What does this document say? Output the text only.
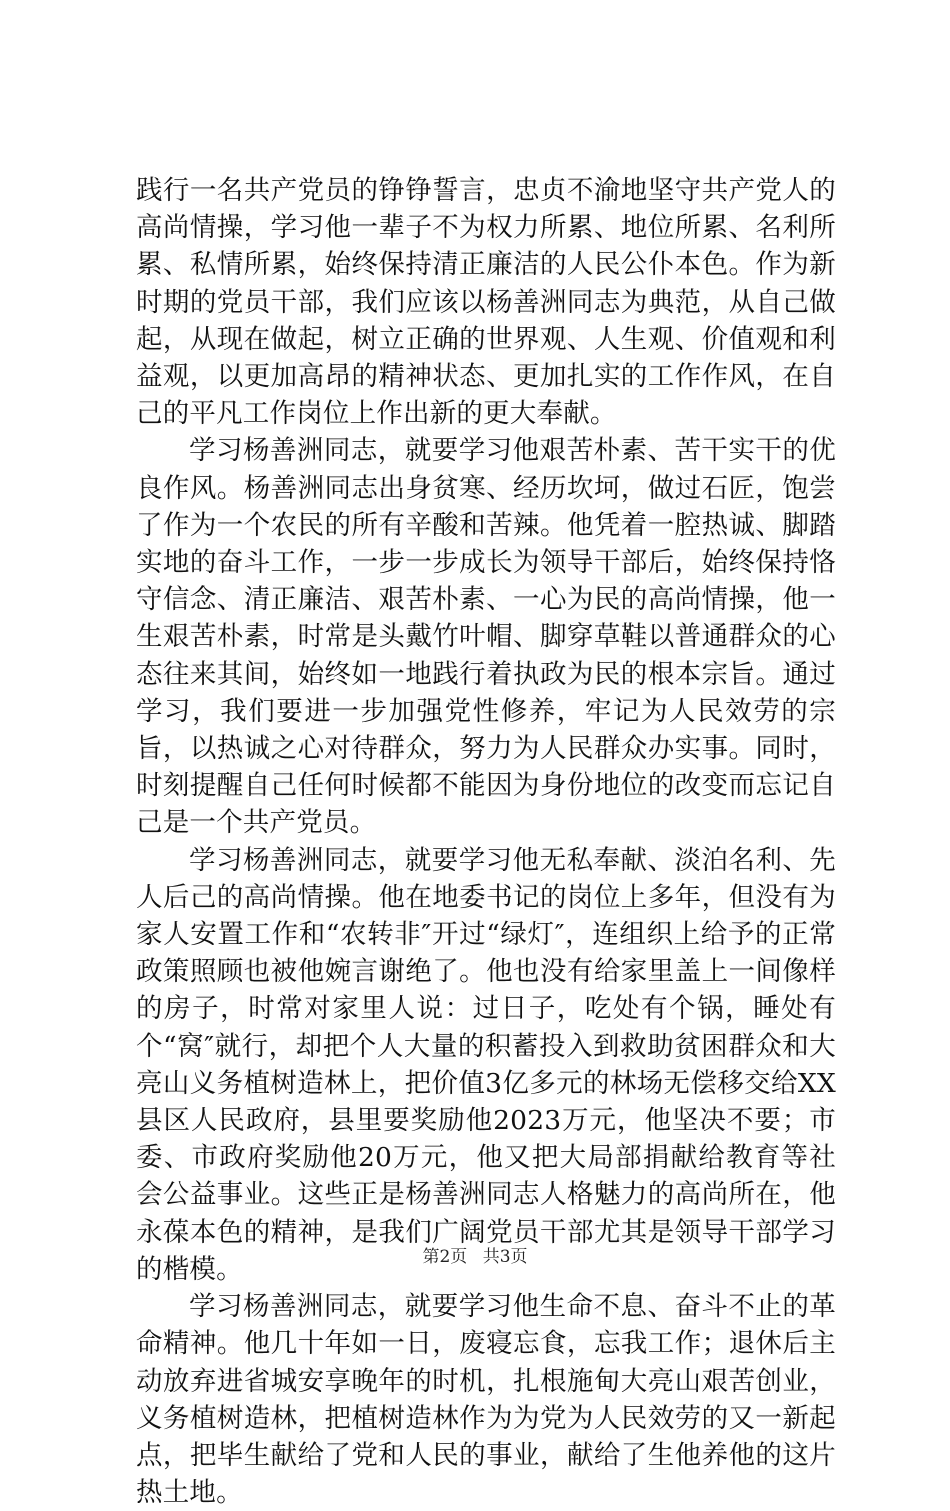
践行一名共产党员的铮铮誓言，忠贞不渝地坚守共产党人的高尚情操，学习他一辈子不为权力所累、地位所累、名利所累、私情所累，始终保持清正廉洁的人民公仆本色。作为新时期的党员干部，我们应该以杨善洲同志为典范，从自己做起，从现在做起，树立正确的世界观、人生观、价值观和利益观，以更加高昂的精神状态、更加扎实的工作作风，在自己的平凡工作岗位上作出新的更大奉献。

学习杨善洲同志，就要学习他艰苦朴素、苦干实干的优良作风。杨善洲同志出身贫寒、经历坎坷，做过石匠，饱尝了作为一个农民的所有辛酸和苦辣。他凭着一腔热诚、脚踏实地的奋斗工作，一步一步成长为领导干部后，始终保持恪守信念、清正廉洁、艰苦朴素、一心为民的高尚情操，他一生艰苦朴素，时常是头戴竹叶帽、脚穿草鞋以普通群众的心态往来其间，始终如一地践行着执政为民的根本宗旨。通过学习，我们要进一步加强党性修养，牢记为人民效劳的宗旨，以热诚之心对待群众，努力为人民群众办实事。同时，时刻提醒自己任何时候都不能因为身份地位的改变而忘记自己是一个共产党员。

学习杨善洲同志，就要学习他无私奉献、淡泊名利、先人后己的高尚情操。他在地委书记的岗位上多年，但没有为家人安置工作和“农转非″开过“绿灯″，连组织上给予的正常政策照顾也被他婉言谢绝了。他也没有给家里盖上一间像样的房子，时常对家里人说：过日子，吃处有个锅，睡处有个“窝″就行，却把个人大量的积蓄投入到救助贫困群众和大亮山义务植树造林上，把价值3亿多元的林场无偿移交给XX县区人民政府，县里要奖励他2023万元，他坚决不要；市委、市政府奖励他20万元，他又把大局部捐献给教育等社会公益事业。这些正是杨善洲同志人格魅力的高尚所在，他永葆本色的精神，是我们广阔党员干部尤其是领导干部学习的楷模。

学习杨善洲同志，就要学习他生命不息、奋斗不止的革命精神。他几十年如一日，废寝忘食，忘我工作；退休后主动放弃进省城安享晚年的时机，扎根施甸大亮山艰苦创业，义务植树造林，把植树造林作为为党为人民效劳的又一新起点，把毕生献给了党和人民的事业，献给了生他养他的这片热土地。

第2页 共3页
